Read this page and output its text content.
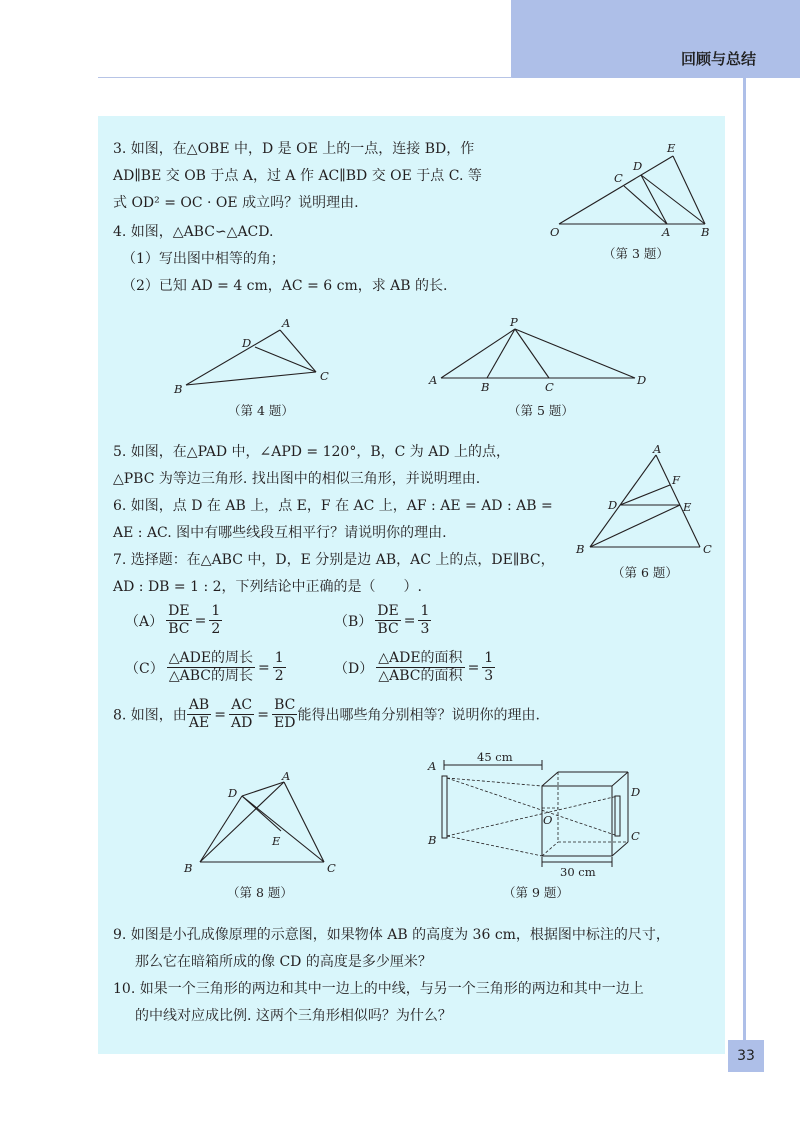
回顾与总结
3. 如图，在△OBE 中，D 是 OE 上的一点，连接 BD，作
AD∥BE 交 OB 于点 A，过 A 作 AC∥BD 交 OE 于点 C. 等
式 OD² = OC · OE 成立吗？说明理由.
4. 如图，△ABC∽△ACD.
（1）写出图中相等的角；
（2）已知 AD = 4 cm，AC = 6 cm，求 AB 的长.
E
D
C
O	A	B
（第 3 题）
A
D
B
C
（第 4 题）
P
A	B	C	D
（第 5 题）
5. 如图，在△PAD 中，∠APD = 120°，B，C 为 AD 上的点，
△PBC 为等边三角形. 找出图中的相似三角形，并说明理由.
6. 如图，点 D 在 AB 上，点 E，F 在 AC 上，AF : AE = AD : AB =
AE : AC. 图中有哪些线段互相平行？请说明你的理由.
A
F
D	E
B	C
（第 6 题）
7. 选择题：在△ABC 中，D，E 分别是边 AB，AC 上的点，DE∥BC，
AD : DB = 1 : 2，下列结论中正确的是（　　）.
$(A) \frac{DE}{BC} = \frac{1}{2}$	$(B) \frac{DE}{BC} = \frac{1}{3}$
（C）
△ADE的周长
△ABC的周长
= $\frac{1}{2}$	（D）
△ADE的面积
△ABC的面积
= $\frac{1}{3}$
8. 如图，由 $\frac{AB}{AE} = \frac{AC}{AD} = \frac{BC}{ED}$ 能得出哪些角分别相等？说明你的理由.
A
D
E
B	C
（第 8 题）
A
B
O
D
C
45 cm
30 cm
（第 9 题）
9. 如图是小孔成像原理的示意图，如果物体 AB 的高度为 36 cm，根据图中标注的尺寸，
那么它在暗箱所成的像 CD 的高度是多少厘米？
10. 如果一个三角形的两边和其中一边上的中线，与另一个三角形的两边和其中一边上
的中线对应成比例. 这两个三角形相似吗？为什么？
33
